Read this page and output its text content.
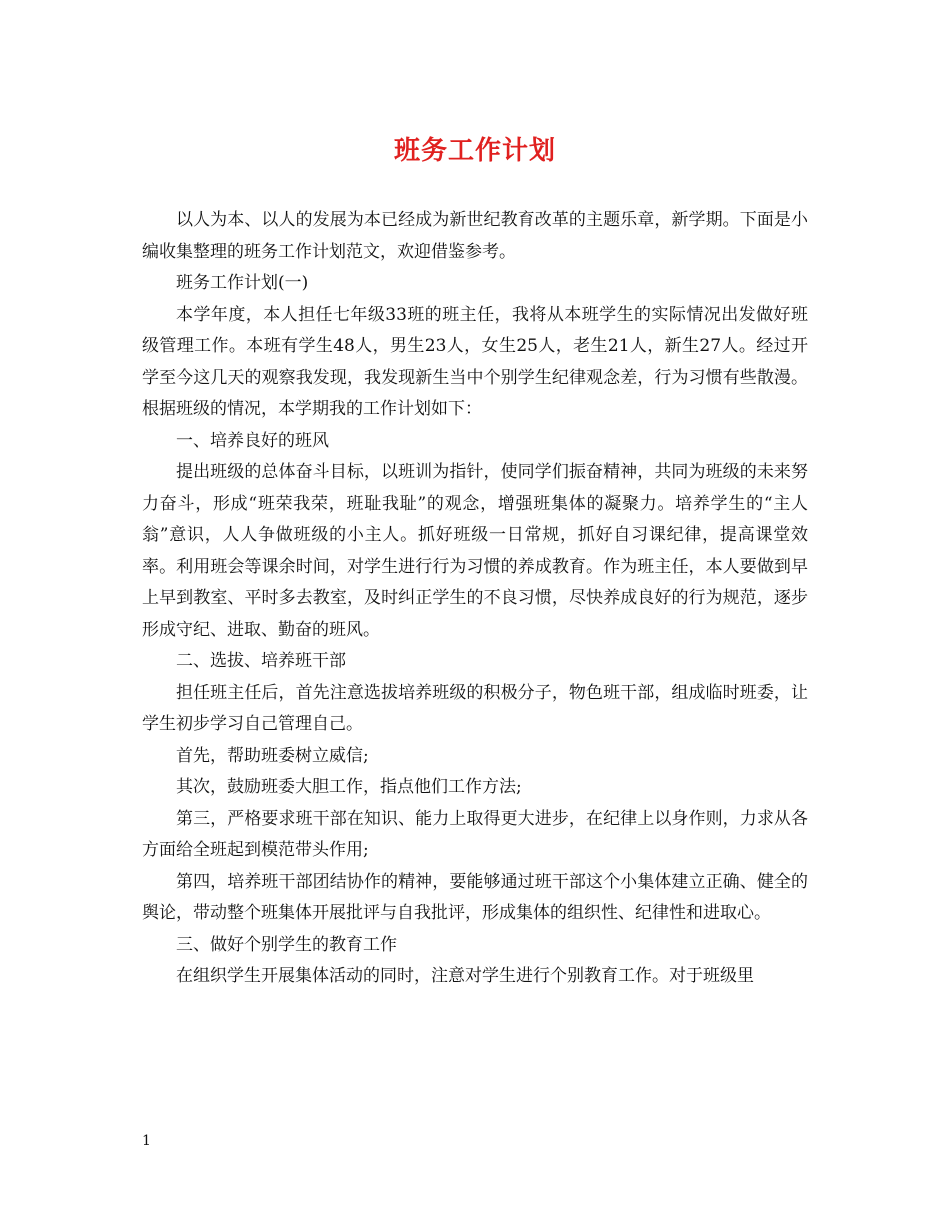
班务工作计划

以人为本、以人的发展为本已经成为新世纪教育改革的主题乐章，新学期。下面是小编收集整理的班务工作计划范文，欢迎借鉴参考。

班务工作计划(一)

本学年度，本人担任七年级33班的班主任，我将从本班学生的实际情况出发做好班级管理工作。本班有学生48人，男生23人，女生25人，老生21人，新生27人。经过开学至今这几天的观察我发现，我发现新生当中个别学生纪律观念差，行为习惯有些散漫。根据班级的情况，本学期我的工作计划如下：

一、培养良好的班风

提出班级的总体奋斗目标，以班训为指针，使同学们振奋精神，共同为班级的未来努力奋斗，形成“班荣我荣，班耻我耻”的观念，增强班集体的凝聚力。培养学生的“主人翁”意识，人人争做班级的小主人。抓好班级一日常规，抓好自习课纪律，提高课堂效率。利用班会等课余时间，对学生进行行为习惯的养成教育。作为班主任，本人要做到早上早到教室、平时多去教室，及时纠正学生的不良习惯，尽快养成良好的行为规范，逐步形成守纪、进取、勤奋的班风。

二、选拔、培养班干部

担任班主任后，首先注意选拔培养班级的积极分子，物色班干部，组成临时班委，让学生初步学习自己管理自己。

首先，帮助班委树立威信;

其次，鼓励班委大胆工作，指点他们工作方法;

第三，严格要求班干部在知识、能力上取得更大进步，在纪律上以身作则，力求从各方面给全班起到模范带头作用;

第四，培养班干部团结协作的精神，要能够通过班干部这个小集体建立正确、健全的舆论，带动整个班集体开展批评与自我批评，形成集体的组织性、纪律性和进取心。

三、做好个别学生的教育工作

在组织学生开展集体活动的同时，注意对学生进行个别教育工作。对于班级里

1
